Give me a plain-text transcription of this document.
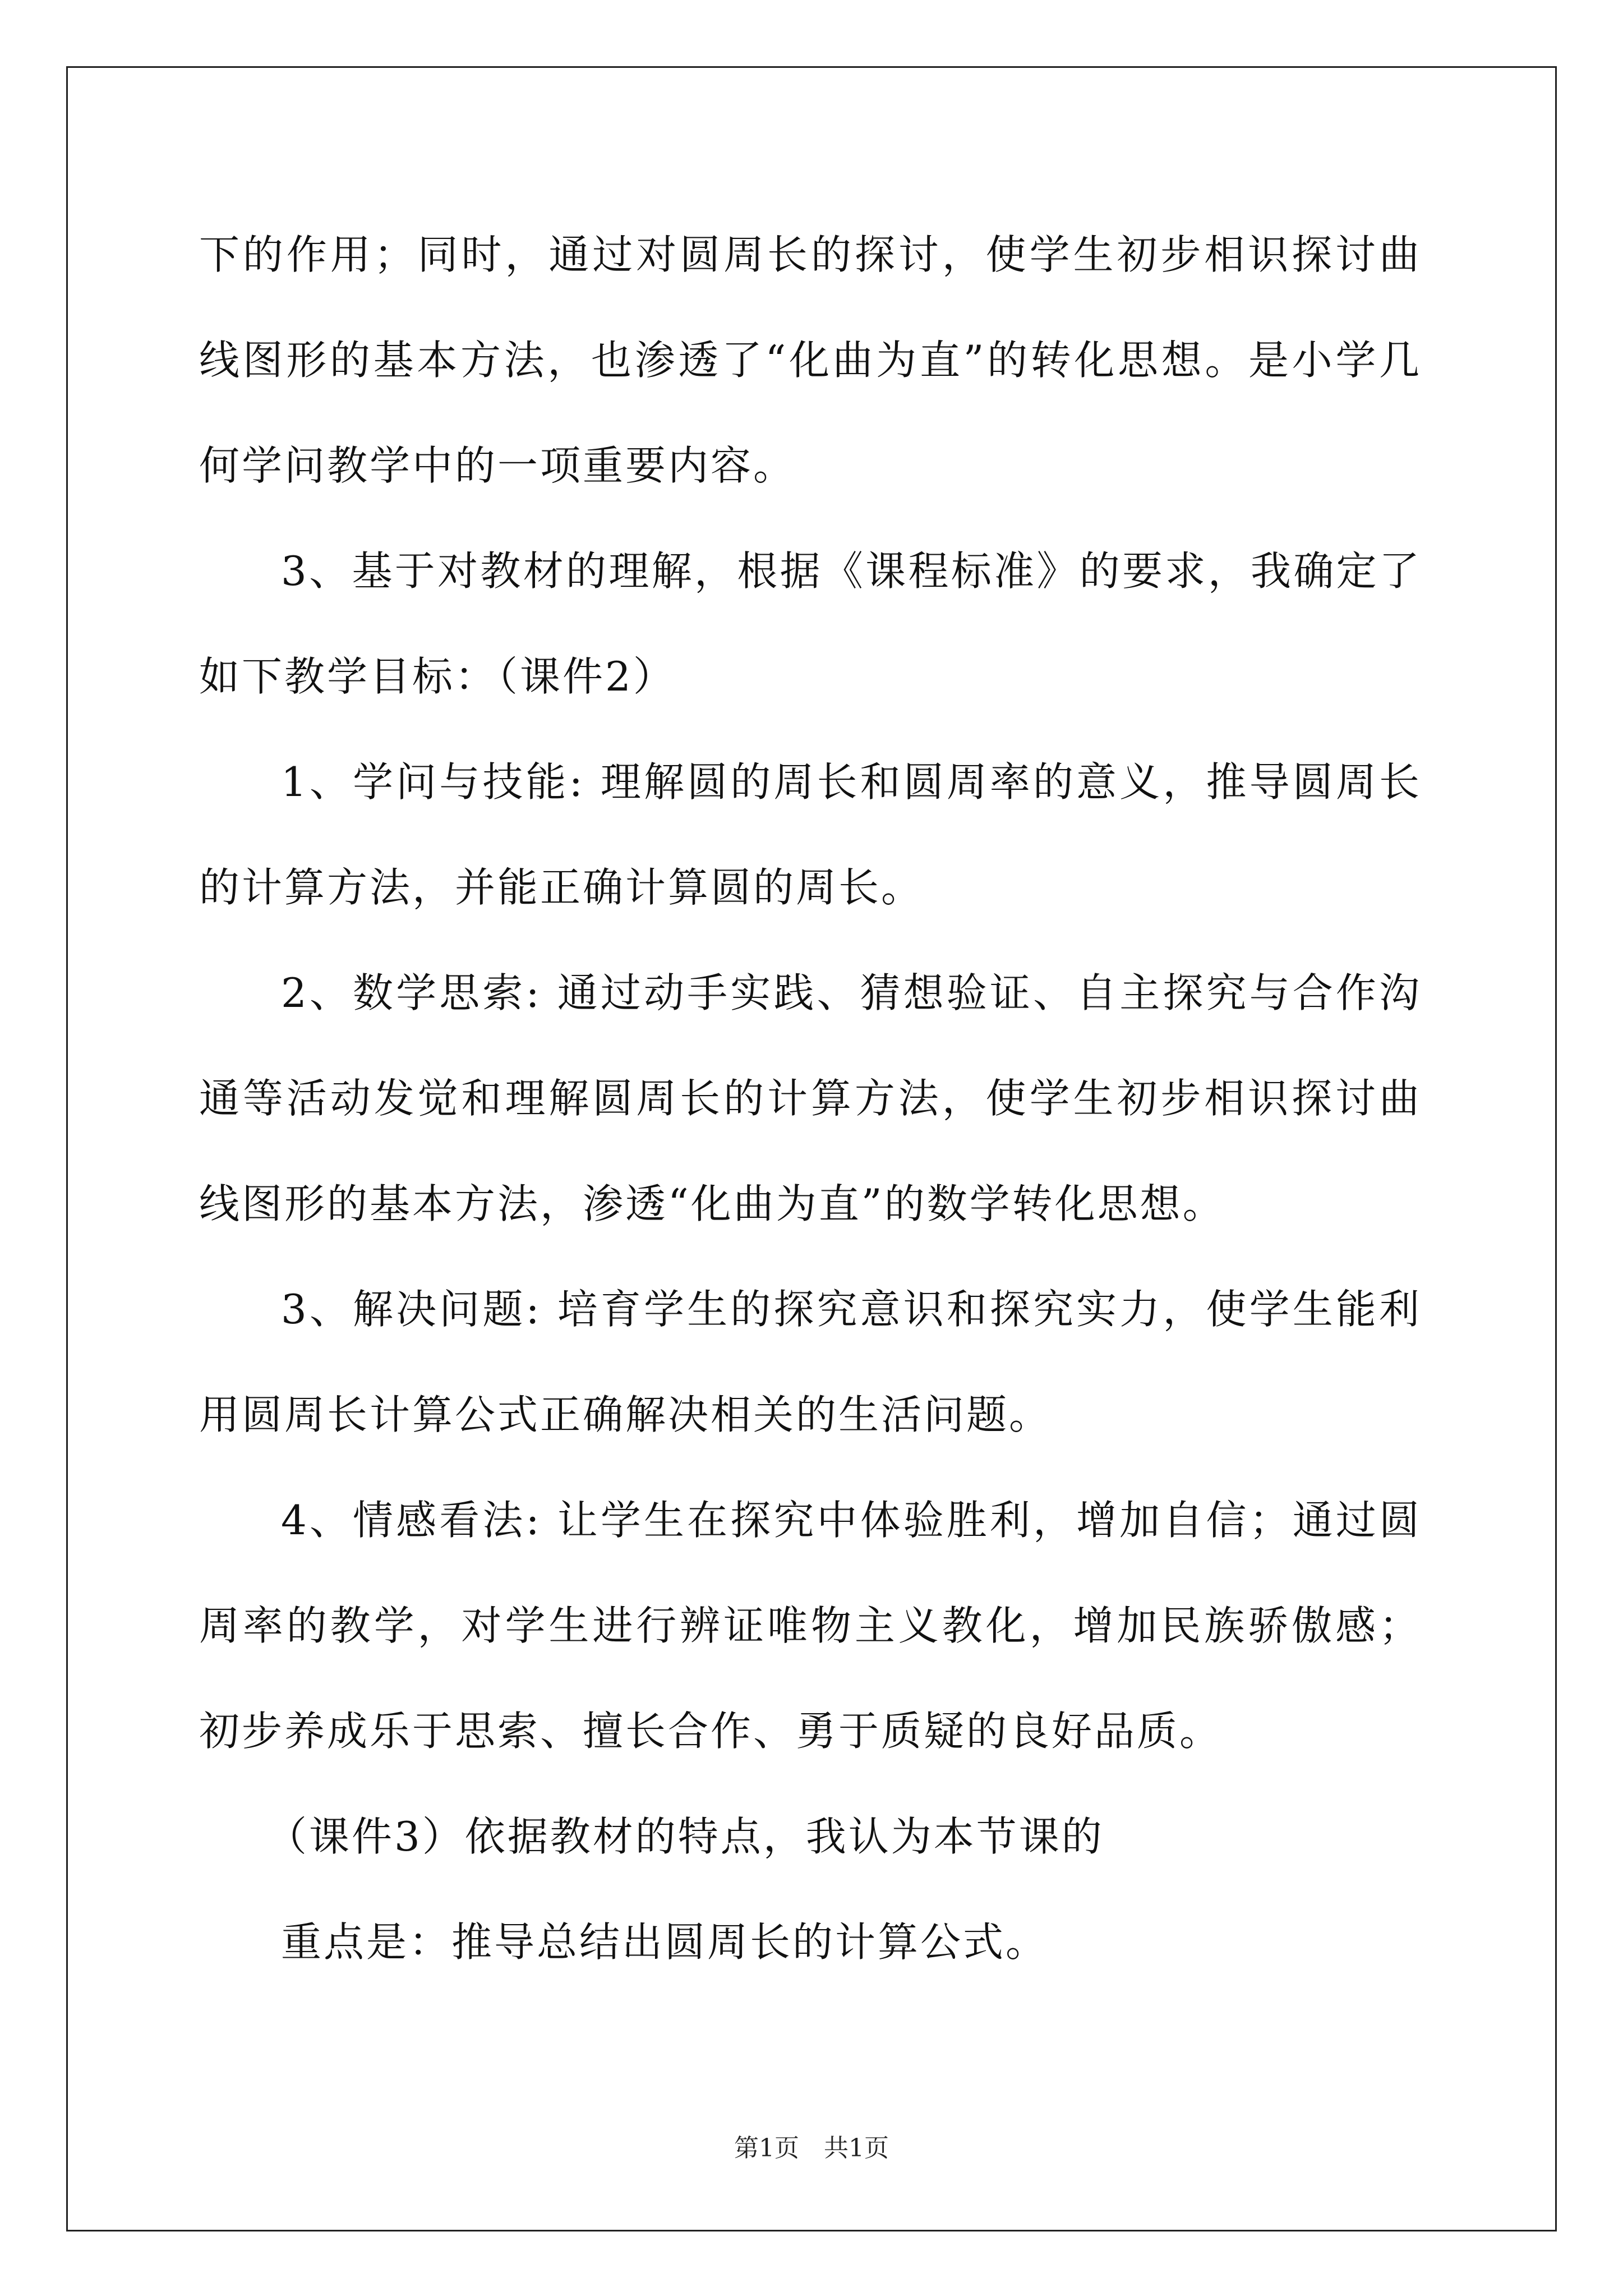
下的作用；同时，通过对圆周长的探讨，使学生初步相识探讨曲线图形的基本方法，也渗透了“化曲为直”的转化思想。是小学几何学问教学中的一项重要内容。

3、基于对教材的理解，根据《课程标准》的要求，我确定了如下教学目标：（课件2）

1、学问与技能: 理解圆的周长和圆周率的意义，推导圆周长的计算方法，并能正确计算圆的周长。

2、数学思索: 通过动手实践、猜想验证、自主探究与合作沟通等活动发觉和理解圆周长的计算方法，使学生初步相识探讨曲线图形的基本方法，渗透“化曲为直”的数学转化思想。

3、解决问题: 培育学生的探究意识和探究实力，使学生能利用圆周长计算公式正确解决相关的生活问题。

4、情感看法: 让学生在探究中体验胜利，增加自信；通过圆周率的教学，对学生进行辨证唯物主义教化，增加民族骄傲感；初步养成乐于思索、擅长合作、勇于质疑的良好品质。

（课件3）依据教材的特点，我认为本节课的

重点是：推导总结出圆周长的计算公式。

第1页 共1页
